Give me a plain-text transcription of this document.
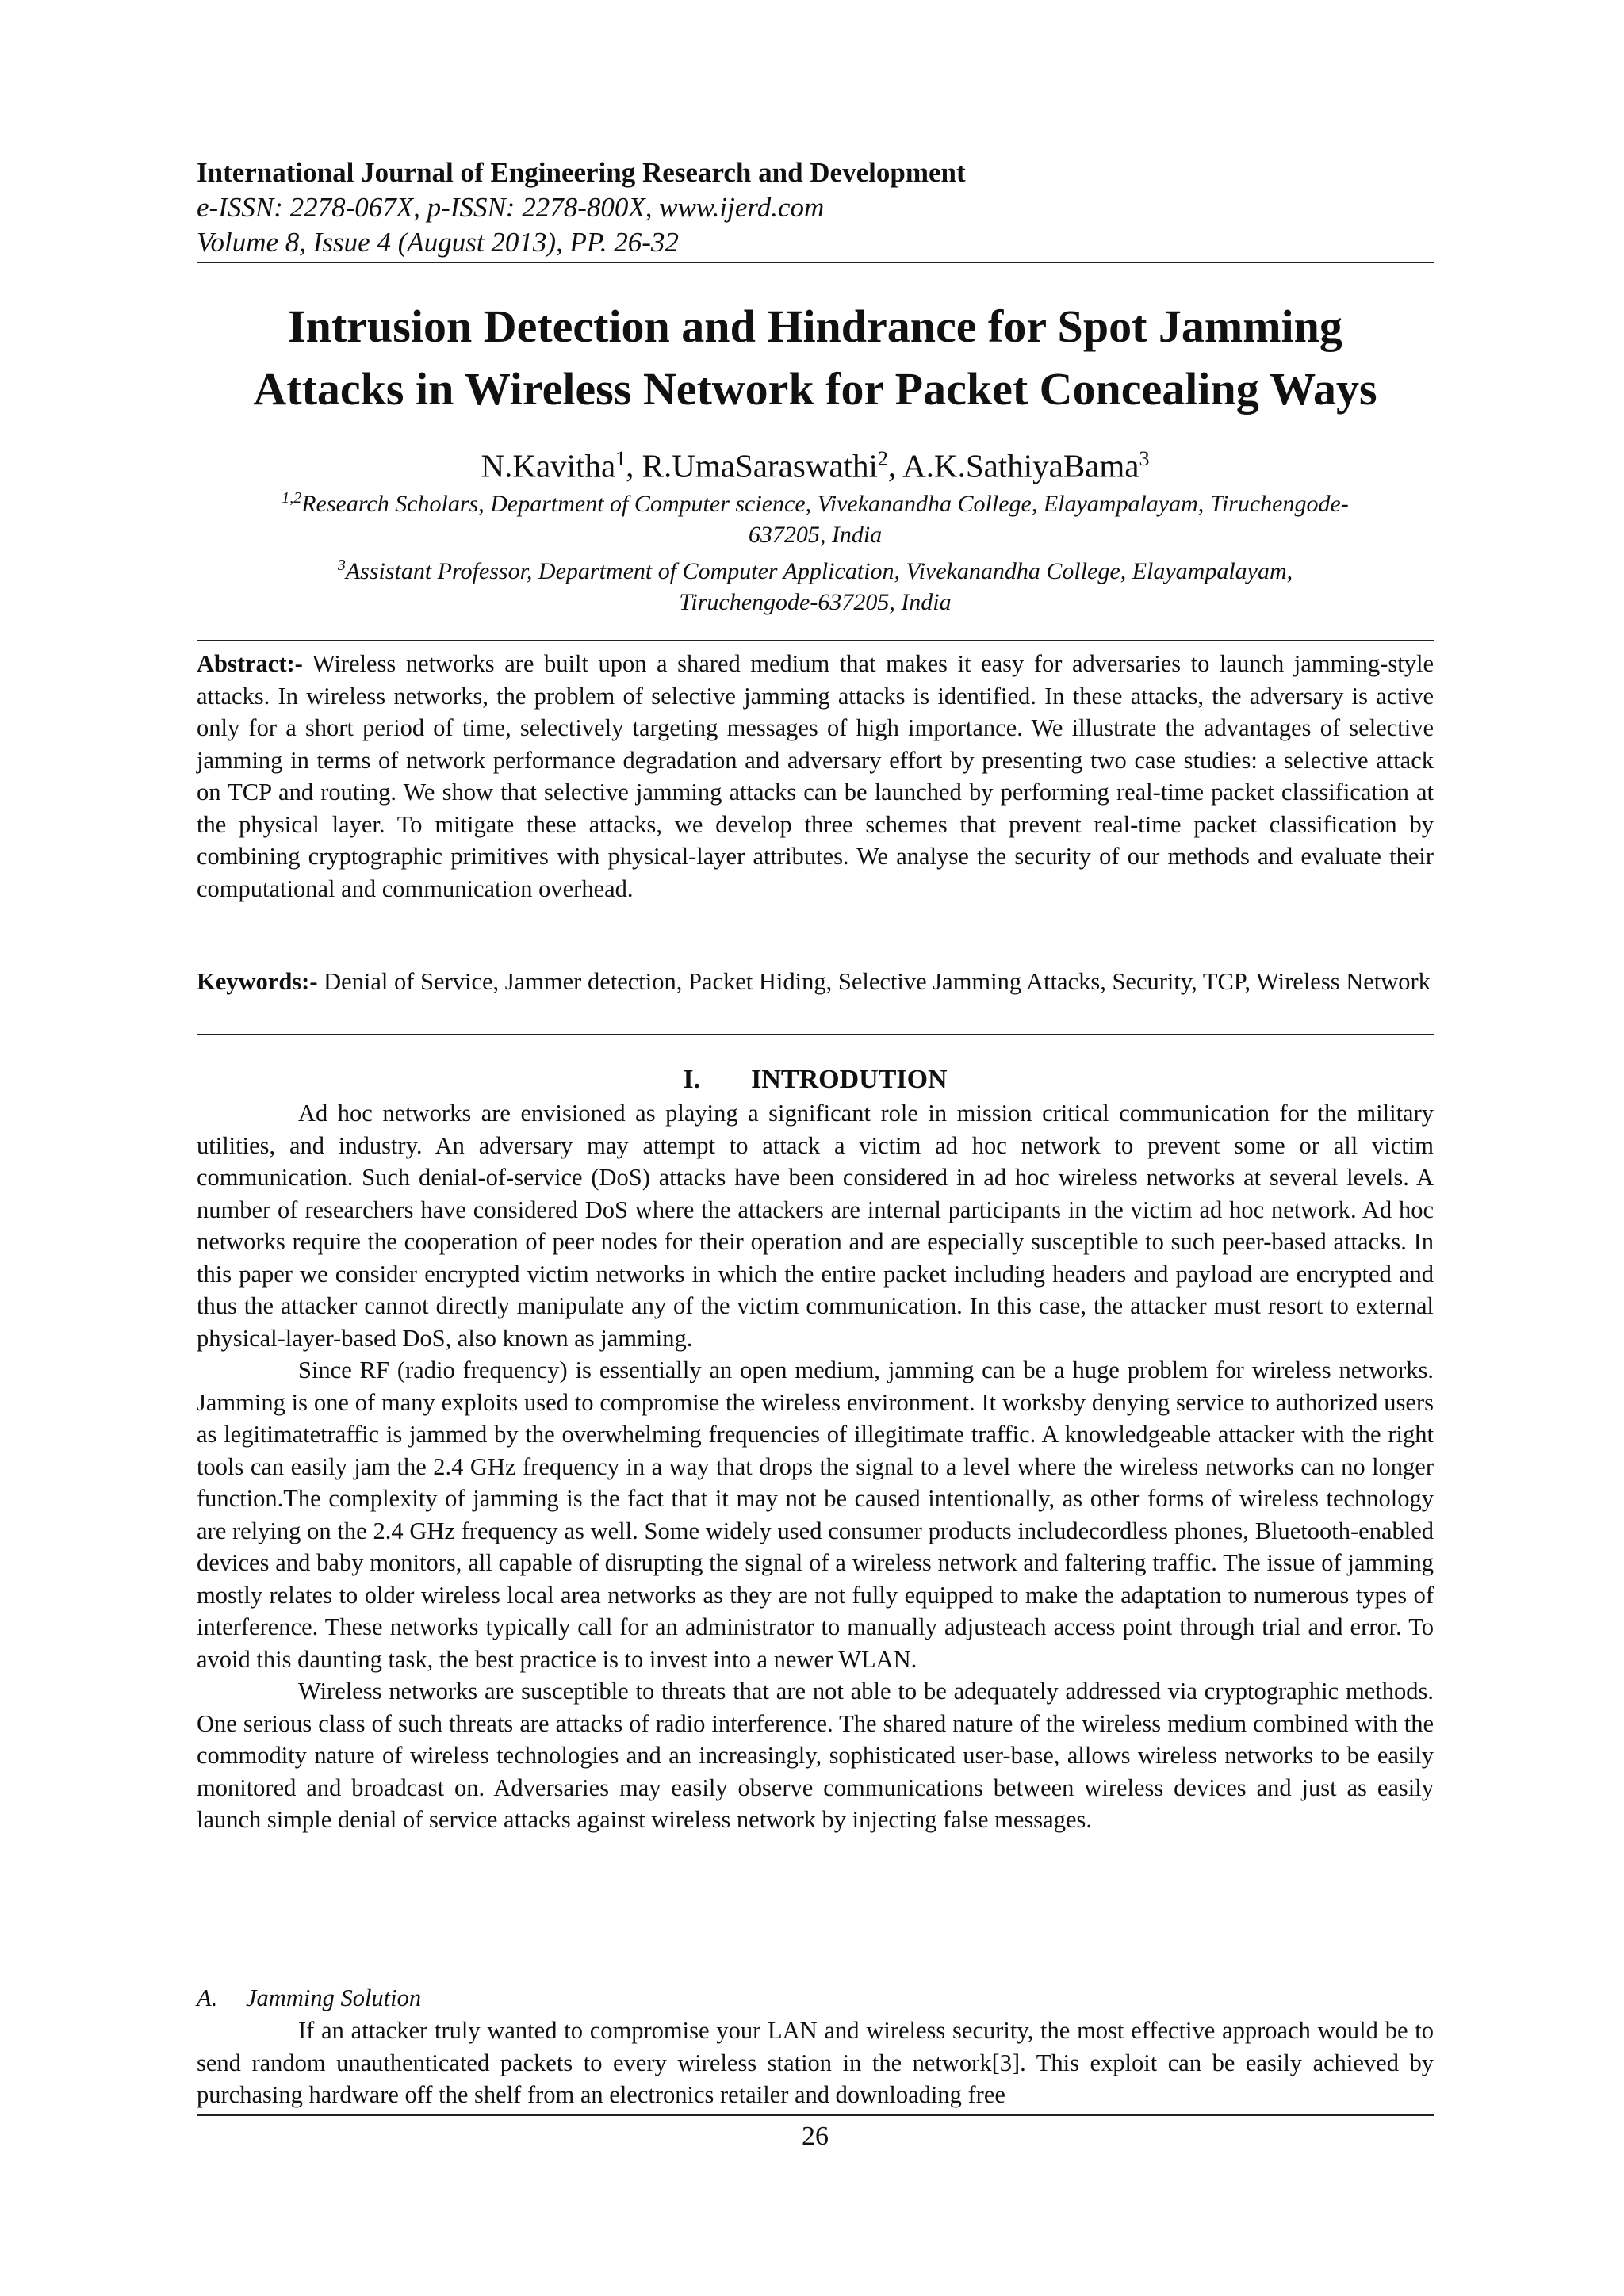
International Journal of Engineering Research and Development
e-ISSN: 2278-067X, p-ISSN: 2278-800X, www.ijerd.com
Volume 8, Issue 4 (August 2013), PP. 26-32
Intrusion Detection and Hindrance for Spot Jamming
Attacks in Wireless Network for Packet Concealing Ways
N.Kavitha$^1$, R.UmaSaraswathi$^2$, A.K.SathiyaBama$^3$
$^{1,2}$Research Scholars, Department of Computer science, Vivekanandha College, Elayampalayam, Tiruchengode-
637205, India
$^3$Assistant Professor, Department of Computer Application, Vivekanandha College, Elayampalayam,
Tiruchengode-637205, India
Abstract:- Wireless networks are built upon a shared medium that makes it easy for adversaries to launch jamming-style attacks. In wireless networks, the problem of selective jamming attacks is identified. In these attacks, the adversary is active only for a short period of time, selectively targeting messages of high importance. We illustrate the advantages of selective jamming in terms of network performance degradation and adversary effort by presenting two case studies: a selective attack on TCP and routing. We show that selective jamming attacks can be launched by performing real-time packet classification at the physical layer. To mitigate these attacks, we develop three schemes that prevent real-time packet classification by combining cryptographic primitives with physical-layer attributes. We analyse the security of our methods and evaluate their computational and communication overhead.
Keywords:- Denial of Service, Jammer detection, Packet Hiding, Selective Jamming Attacks, Security, TCP, Wireless Network
I. INTRODUTION

Ad hoc networks are envisioned as playing a significant role in mission critical communication for the military utilities, and industry. An adversary may attempt to attack a victim ad hoc network to prevent some or all victim communication. Such denial-of-service (DoS) attacks have been considered in ad hoc wireless networks at several levels. A number of researchers have considered DoS where the attackers are internal participants in the victim ad hoc network. Ad hoc networks require the cooperation of peer nodes for their operation and are especially susceptible to such peer-based attacks. In this paper we consider encrypted victim networks in which the entire packet including headers and payload are encrypted and thus the attacker cannot directly manipulate any of the victim communication. In this case, the attacker must resort to external physical-layer-based DoS, also known as jamming.

Since RF (radio frequency) is essentially an open medium, jamming can be a huge problem for wireless networks. Jamming is one of many exploits used to compromise the wireless environment. It worksby denying service to authorized users as legitimatetraffic is jammed by the overwhelming frequencies of illegitimate traffic. A knowledgeable attacker with the right tools can easily jam the 2.4 GHz frequency in a way that drops the signal to a level where the wireless networks can no longer function.The complexity of jamming is the fact that it may not be caused intentionally, as other forms of wireless technology are relying on the 2.4 GHz frequency as well. Some widely used consumer products includecordless phones, Bluetooth-enabled devices and baby monitors, all capable of disrupting the signal of a wireless network and faltering traffic. The issue of jamming mostly relates to older wireless local area networks as they are not fully equipped to make the adaptation to numerous types of interference. These networks typically call for an administrator to manually adjusteach access point through trial and error. To avoid this daunting task, the best practice is to invest into a newer WLAN.

Wireless networks are susceptible to threats that are not able to be adequately addressed via cryptographic methods. One serious class of such threats are attacks of radio interference. The shared nature of the wireless medium combined with the commodity nature of wireless technologies and an increasingly, sophisticated user-base, allows wireless networks to be easily monitored and broadcast on. Adversaries may easily observe communications between wireless devices and just as easily launch simple denial of service attacks against wireless network by injecting false messages.

A. Jamming Solution

If an attacker truly wanted to compromise your LAN and wireless security, the most effective approach would be to send random unauthenticated packets to every wireless station in the network[3]. This exploit can be easily achieved by purchasing hardware off the shelf from an electronics retailer and downloading free

26
